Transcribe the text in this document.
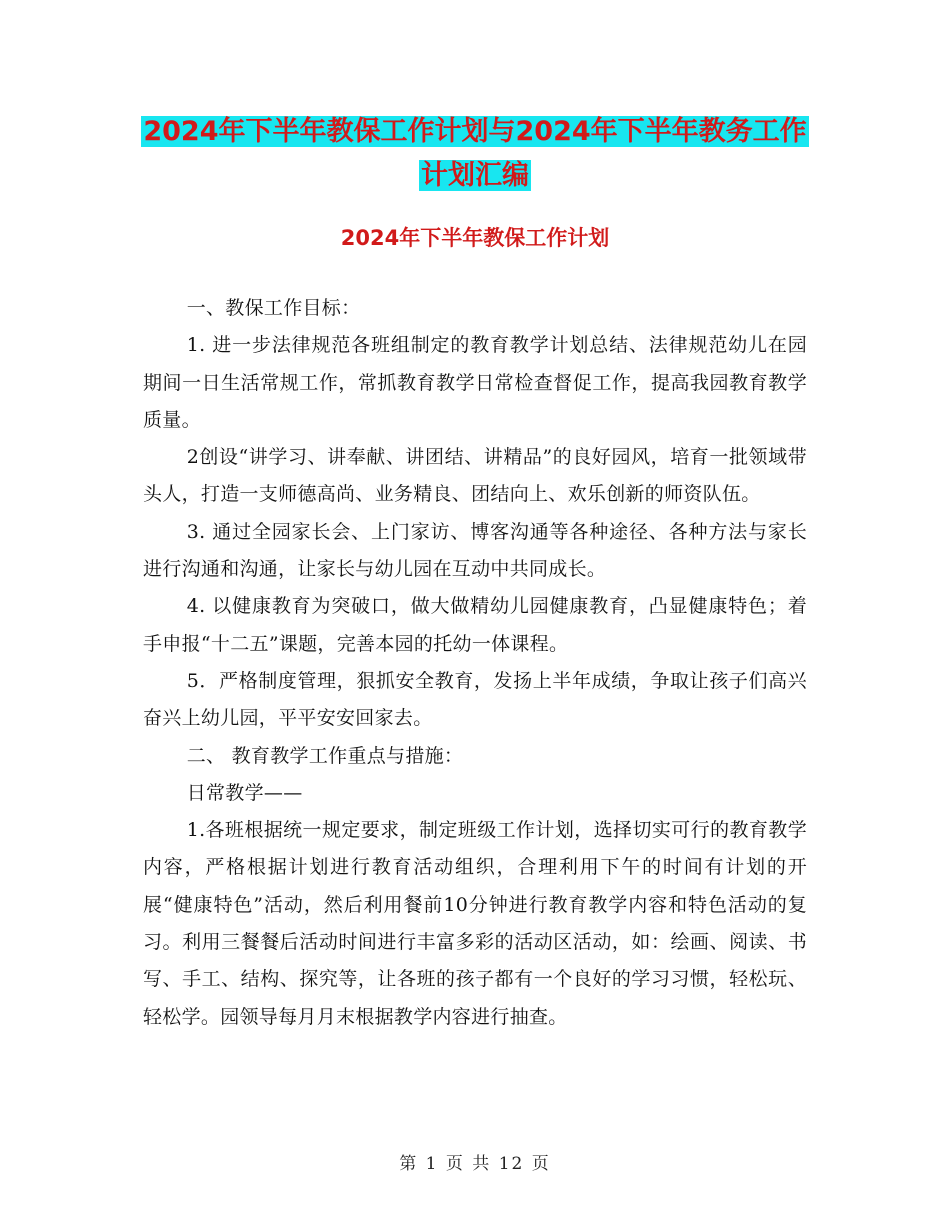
2024年下半年教保工作计划与2024年下半年教务工作
计划汇编
2024年下半年教保工作计划

一、教保工作目标：

1. 进一步法律规范各班组制定的教育教学计划总结、法律规范幼儿在园期间一日生活常规工作，常抓教育教学日常检查督促工作，提高我园教育教学质量。

2创设“讲学习、讲奉献、讲团结、讲精品”的良好园风，培育一批领域带头人，打造一支师德高尚、业务精良、团结向上、欢乐创新的师资队伍。

3. 通过全园家长会、上门家访、博客沟通等各种途径、各种方法与家长进行沟通和沟通，让家长与幼儿园在互动中共同成长。

4. 以健康教育为突破口，做大做精幼儿园健康教育，凸显健康特色；着手申报“十二五”课题，完善本园的托幼一体课程。

5．严格制度管理，狠抓安全教育，发扬上半年成绩，争取让孩子们高兴奋兴上幼儿园，平平安安回家去。

二、 教育教学工作重点与措施：

日常教学——

1.各班根据统一规定要求，制定班级工作计划，选择切实可行的教育教学内容，严格根据计划进行教育活动组织，合理利用下午的时间有计划的开展“健康特色”活动，然后利用餐前10分钟进行教育教学内容和特色活动的复习。利用三餐餐后活动时间进行丰富多彩的活动区活动，如：绘画、阅读、书写、手工、结构、探究等，让各班的孩子都有一个良好的学习习惯，轻松玩、轻松学。园领导每月月末根据教学内容进行抽查。

第 1 页 共 12 页
